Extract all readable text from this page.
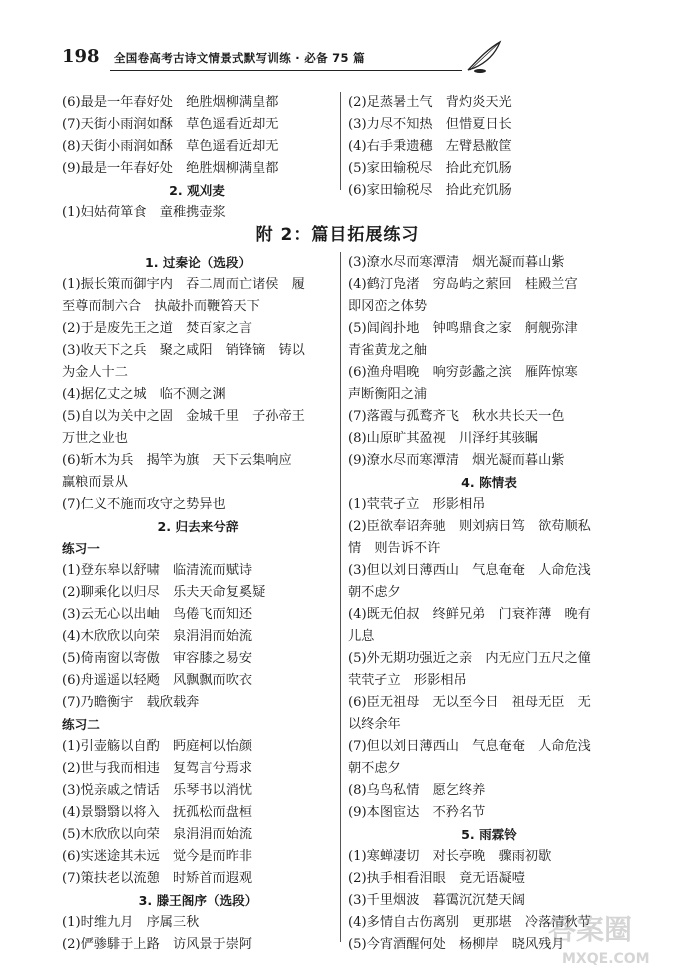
198 全国卷高考古诗文情景式默写训练 · 必备 75 篇
(6)最是一年春好处　绝胜烟柳满皇都
(7)天街小雨润如酥　草色遥看近却无
(8)天街小雨润如酥　草色遥看近却无
(9)最是一年春好处　绝胜烟柳满皇都
2. 观刈麦
(1)妇姑荷箪食　童稚携壶浆
(2)足蒸暑土气　背灼炎天光
(3)力尽不知热　但惜夏日长
(4)右手秉遗穗　左臂悬敝筐
(5)家田输税尽　拾此充饥肠
(6)家田输税尽　拾此充饥肠
附 2：篇目拓展练习
1. 过秦论（选段）
(1)振长策而御宇内　吞二周而亡诸侯　履
至尊而制六合　执敲扑而鞭笞天下
(2)于是废先王之道　焚百家之言
(3)收天下之兵　聚之咸阳　销锋镝　铸以
为金人十二
(4)据亿丈之城　临不测之渊
(5)自以为关中之固　金城千里　子孙帝王
万世之业也
(6)斩木为兵　揭竿为旗　天下云集响应
赢粮而景从
(7)仁义不施而攻守之势异也
2. 归去来兮辞
练习一
(1)登东皋以舒啸　临清流而赋诗
(2)聊乘化以归尽　乐夫天命复奚疑
(3)云无心以出岫　鸟倦飞而知还
(4)木欣欣以向荣　泉涓涓而始流
(5)倚南窗以寄傲　审容膝之易安
(6)舟遥遥以轻飏　风飘飘而吹衣
(7)乃瞻衡宇　载欣载奔
练习二
(1)引壶觞以自酌　眄庭柯以怡颜
(2)世与我而相违　复驾言兮焉求
(3)悦亲戚之情话　乐琴书以消忧
(4)景翳翳以将入　抚孤松而盘桓
(5)木欣欣以向荣　泉涓涓而始流
(6)实迷途其未远　觉今是而昨非
(7)策扶老以流憩　时矫首而遐观
3. 滕王阁序（选段）
(1)时维九月　序属三秋
(2)俨骖騑于上路　访风景于崇阿
(3)潦水尽而寒潭清　烟光凝而暮山紫
(4)鹤汀凫渚　穷岛屿之萦回　桂殿兰宫
即冈峦之体势
(5)闾阎扑地　钟鸣鼎食之家　舸舰弥津
青雀黄龙之舳
(6)渔舟唱晚　响穷彭蠡之滨　雁阵惊寒
声断衡阳之浦
(7)落霞与孤鹜齐飞　秋水共长天一色
(8)山原旷其盈视　川泽纡其骇瞩
(9)潦水尽而寒潭清　烟光凝而暮山紫
4. 陈情表
(1)茕茕孑立　形影相吊
(2)臣欲奉诏奔驰　则刘病日笃　欲苟顺私
情　则告诉不许
(3)但以刘日薄西山　气息奄奄　人命危浅
朝不虑夕
(4)既无伯叔　终鲜兄弟　门衰祚薄　晚有
儿息
(5)外无期功强近之亲　内无应门五尺之僮
茕茕孑立　形影相吊
(6)臣无祖母　无以至今日　祖母无臣　无
以终余年
(7)但以刘日薄西山　气息奄奄　人命危浅
朝不虑夕
(8)乌鸟私情　愿乞终养
(9)本图宦达　不矜名节
5. 雨霖铃
(1)寒蝉凄切　对长亭晚　骤雨初歇
(2)执手相看泪眼　竟无语凝噎
(3)千里烟波　暮霭沉沉楚天阔
(4)多情自古伤离别　更那堪　冷落清秋节
(5)今宵酒醒何处　杨柳岸　晓风残月
答案圈
MXQE.COM
